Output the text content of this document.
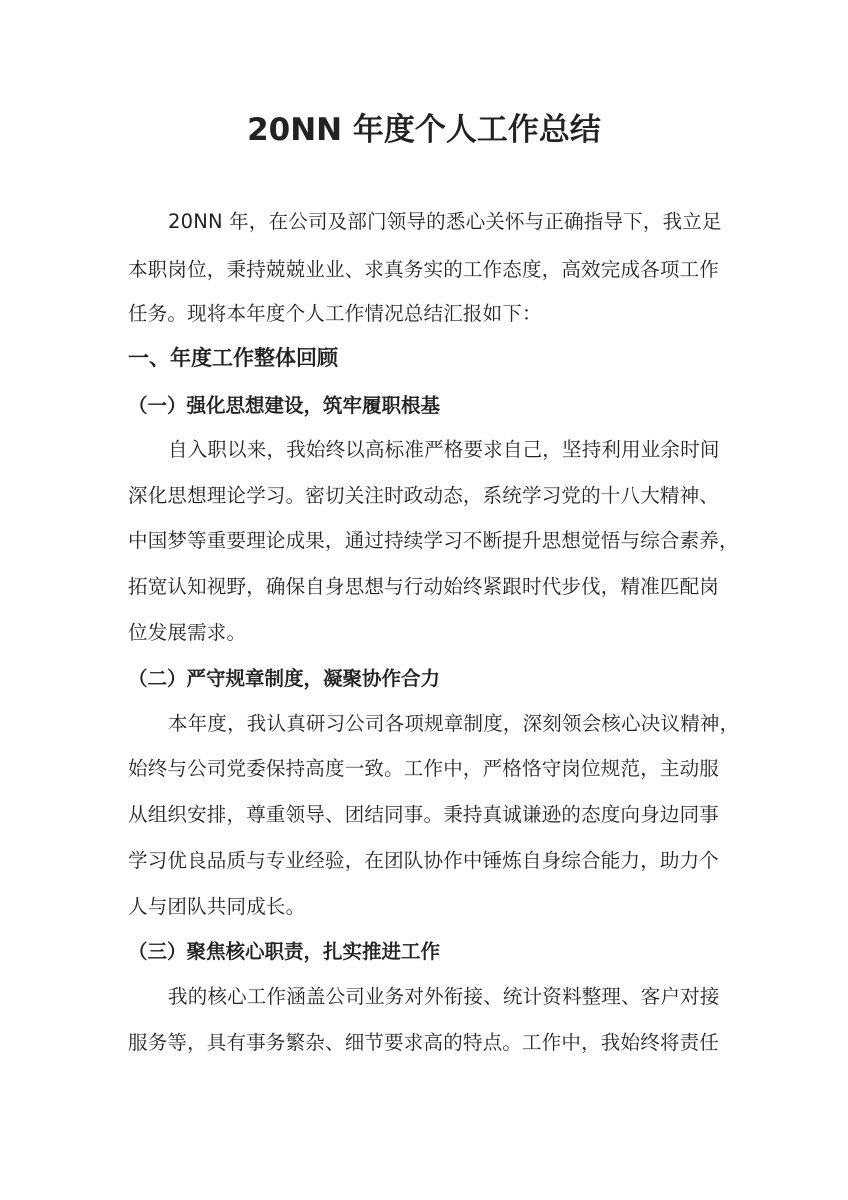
20NN 年度个人工作总结
20NN 年，在公司及部门领导的悉心关怀与正确指导下，我立足
本职岗位，秉持兢兢业业、求真务实的工作态度，高效完成各项工作
任务。现将本年度个人工作情况总结汇报如下：
一、年度工作整体回顾
（一）强化思想建设，筑牢履职根基
自入职以来，我始终以高标准严格要求自己，坚持利用业余时间
深化思想理论学习。密切关注时政动态，系统学习党的十八大精神、
中国梦等重要理论成果，通过持续学习不断提升思想觉悟与综合素养，
拓宽认知视野，确保自身思想与行动始终紧跟时代步伐，精准匹配岗
位发展需求。
（二）严守规章制度，凝聚协作合力
本年度，我认真研习公司各项规章制度，深刻领会核心决议精神，
始终与公司党委保持高度一致。工作中，严格恪守岗位规范，主动服
从组织安排，尊重领导、团结同事。秉持真诚谦逊的态度向身边同事
学习优良品质与专业经验，在团队协作中锤炼自身综合能力，助力个
人与团队共同成长。
（三）聚焦核心职责，扎实推进工作
我的核心工作涵盖公司业务对外衔接、统计资料整理、客户对接
服务等，具有事务繁杂、细节要求高的特点。工作中，我始终将责任
